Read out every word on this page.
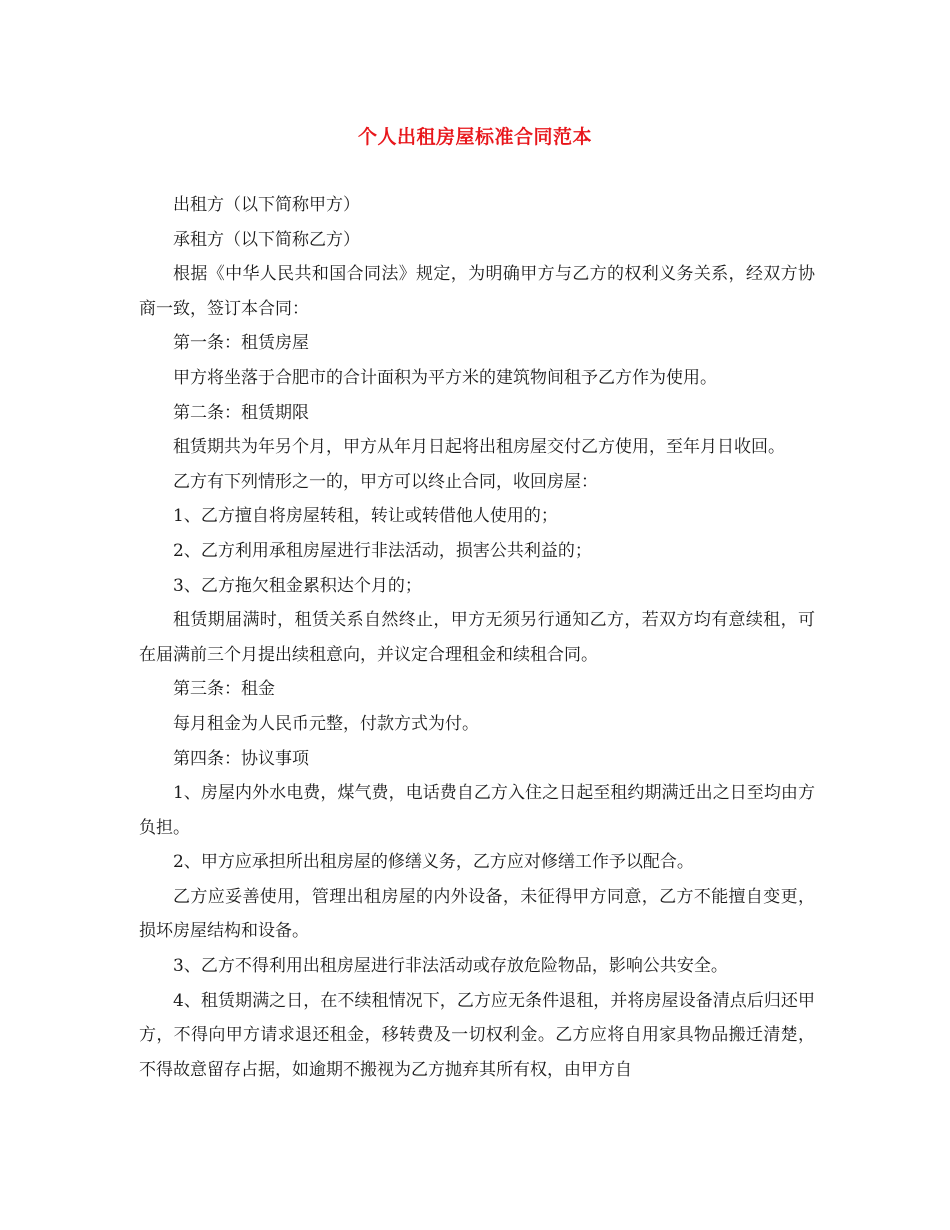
个人出租房屋标准合同范本

出租方（以下简称甲方）

承租方（以下简称乙方）

根据《中华人民共和国合同法》规定，为明确甲方与乙方的权利义务关系，经双方协商一致，签订本合同：

第一条：租赁房屋

甲方将坐落于合肥市的合计面积为平方米的建筑物间租予乙方作为使用。

第二条：租赁期限

租赁期共为年另个月，甲方从年月日起将出租房屋交付乙方使用，至年月日收回。

乙方有下列情形之一的，甲方可以终止合同，收回房屋：

1、乙方擅自将房屋转租，转让或转借他人使用的；

2、乙方利用承租房屋进行非法活动，损害公共利益的；

3、乙方拖欠租金累积达个月的；

租赁期届满时，租赁关系自然终止，甲方无须另行通知乙方，若双方均有意续租，可在届满前三个月提出续租意向，并议定合理租金和续租合同。

第三条：租金

每月租金为人民币元整，付款方式为付。

第四条：协议事项

1、房屋内外水电费，煤气费，电话费自乙方入住之日起至租约期满迁出之日至均由方负担。

2、甲方应承担所出租房屋的修缮义务，乙方应对修缮工作予以配合。

乙方应妥善使用，管理出租房屋的内外设备，未征得甲方同意，乙方不能擅自变更，损坏房屋结构和设备。

3、乙方不得利用出租房屋进行非法活动或存放危险物品，影响公共安全。

4、租赁期满之日，在不续租情况下，乙方应无条件退租，并将房屋设备清点后归还甲方，不得向甲方请求退还租金，移转费及一切权利金。乙方应将自用家具物品搬迁清楚，不得故意留存占据，如逾期不搬视为乙方抛弃其所有权，由甲方自
